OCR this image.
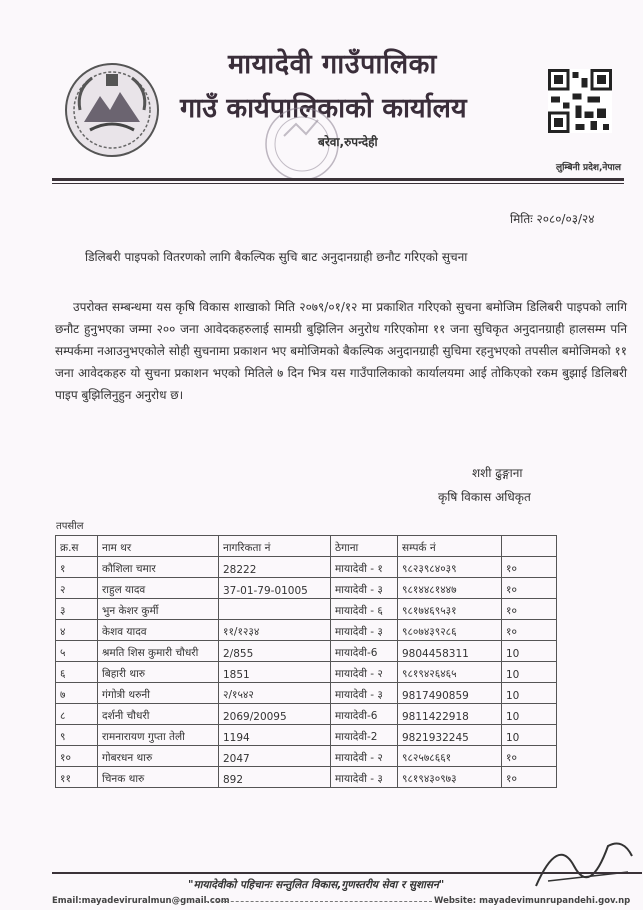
मायादेवी गाउँपालिका
गाउँ कार्यपालिकाको कार्यालय
बरेवा,रुपन्देही
लुम्बिनी प्रदेश,नेपाल
मितिः २०८०/०३/२४
डिलिबरी पाइपको वितरणको लागि बैकल्पिक सुचि बाट अनुदानग्राही छनौट गरिएको सुचना
उपरोक्त सम्बन्धमा यस कृषि विकास शाखाको मिति २०७९/०१/१२ मा प्रकाशित गरिएको सुचना बमोजिम डिलिबरी पाइपको लागि छनौट हुनुभएका जम्मा २०० जना आवेदकहरुलाई सामग्री बुझिलिन अनुरोध गरिएकोमा ११ जना सुचिकृत अनुदानग्राही हालसम्म पनि सम्पर्कमा नआउनुभएकोले सोही सुचनामा प्रकाशन भए बमोजिमको बैकल्पिक अनुदानग्राही सुचिमा रहनुभएको तपसील बमोजिमको ११ जना आवेदकहरु यो सुचना प्रकाशन भएको मितिले ७ दिन भित्र यस गाउँपालिकाको कार्यालयमा आई तोकिएको रकम बुझाई डिलिबरी पाइप बुझिलिनुहुन अनुरोध छ।
शशी ढुङ्गाना
कृषि विकास अधिकृत
तपसील
क्र.स	नाम थर	नागरिकता नं	ठेगाना	सम्पर्क नं	
१	कौशिला चमार	28222	मायादेवी - १	९८२३९८४०३९	१०
२	राहुल यादव	37-01-79-01005	मायादेवी - ३	९८१४४८१४४७	१०
३	भुन केशर कुर्मी		मायादेवी - ६	९८१७४६९५३१	१०
४	केशव यादव	११/१२३४	मायादेवी - ३	९८०७४३९२८६	१०
५	श्रमति शिस कुमारी चौधरी	2/855	मायादेवी-6	9804458311	10
६	बिहारी थारु	1851	मायादेवी - २	९८१९४२६४६५	10
७	गंगोत्री थरुनी	२/१५४२	मायादेवी - ३	9817490859	10
८	दर्शनी चौधरी	2069/20095	मायादेवी-6	9811422918	10
९	रामनारायण गुप्ता तेली	1194	मायादेवी-2	9821932245	10
१०	गोबरधन थारु	2047	मायादेवी - २	९८२५७८६६१	१०
११	चिनक थारु	892	मायादेवी - ३	९८१९४३०९७३	१०
"मायादेवीको पहिचानः सन्तुलित विकास,गुणस्तरीय सेवा र सुशासन"
Email:mayadeviruralmun@gmail.com	Website: mayadevimunrupandehi.gov.np
